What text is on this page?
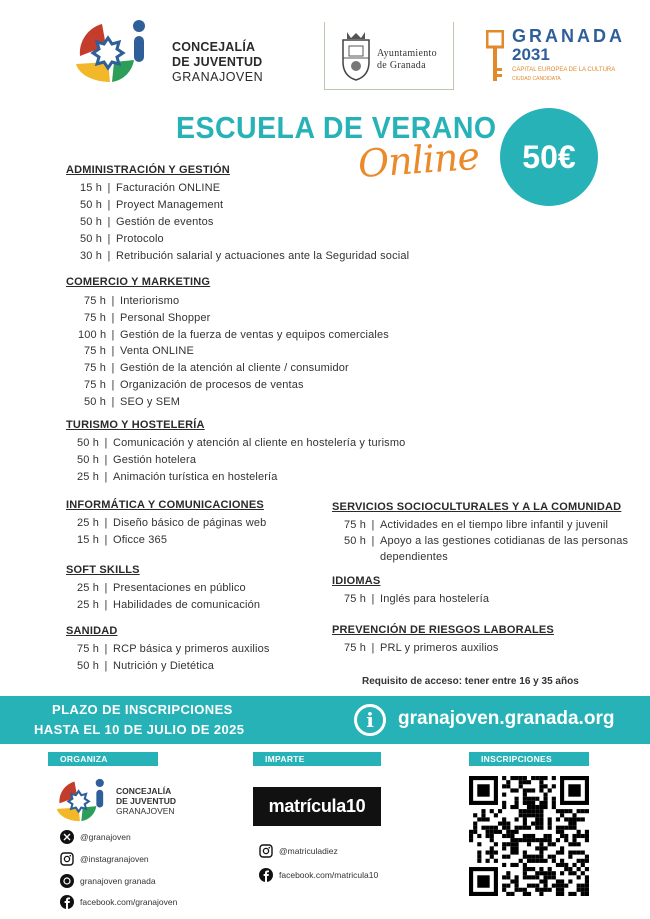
CONCEJALÍA
DE JUVENTUD
GRANAJOVEN
Ayuntamiento
de Granada
GRANADA
2031
CAPITAL EUROPEA DE LA CULTURA
CIUDAD CANDIDATA
ESCUELA DE VERANO
Online	50€
ADMINISTRACIÓN Y GESTIÓN
COMERCIO Y MARKETING
TURISMO Y HOSTELERÍA
INFORMÁTICA Y COMUNICACIONES
SOFT SKILLS
SANIDAD
SERVICIOS SOCIOCULTURALES Y A LA COMUNIDAD
IDIOMAS
PREVENCIÓN DE RIESGOS LABORALES
Requisito de acceso: tener entre 16 y 35 años
PLAZO DE INSCRIPCIONES
HASTA EL 10 DE JULIO DE 2025	i	granajoven.granada.org
ORGANIZA	IMPARTE	INSCRIPCIONES
CONCEJALÍA
DE JUVENTUD
GRANAJOVEN
@granajoven
@instagranajoven
granajoven granada
facebook.com/granajoven
matrícula10
@matriculadiez
facebook.com/matricula10
15 h | Facturación ONLINE
50 h | Proyect Management
50 h | Gestión de eventos
50 h | Protocolo
30 h | Retribución salarial y actuaciones ante la Seguridad social
75 h | Interiorismo
75 h | Personal Shopper
100 h | Gestión de la fuerza de ventas y equipos comerciales
75 h | Venta ONLINE
75 h | Gestión de la atención al cliente / consumidor
75 h | Organización de procesos de ventas
50 h | SEO y SEM
50 h | Comunicación y atención al cliente en hostelería y turismo
50 h | Gestión hotelera
25 h | Animación turística en hostelería
25 h | Diseño básico de páginas web
15 h | Oficce 365
25 h | Presentaciones en público
25 h | Habilidades de comunicación
75 h | RCP básica y primeros auxilios
50 h | Nutrición y Dietética
75 h | Actividades en el tiempo libre infantil y juvenil
50 h | Apoyo a las gestiones cotidianas de las personas
dependientes
75 h | Inglés para hostelería
75 h | PRL y primeros auxilios
